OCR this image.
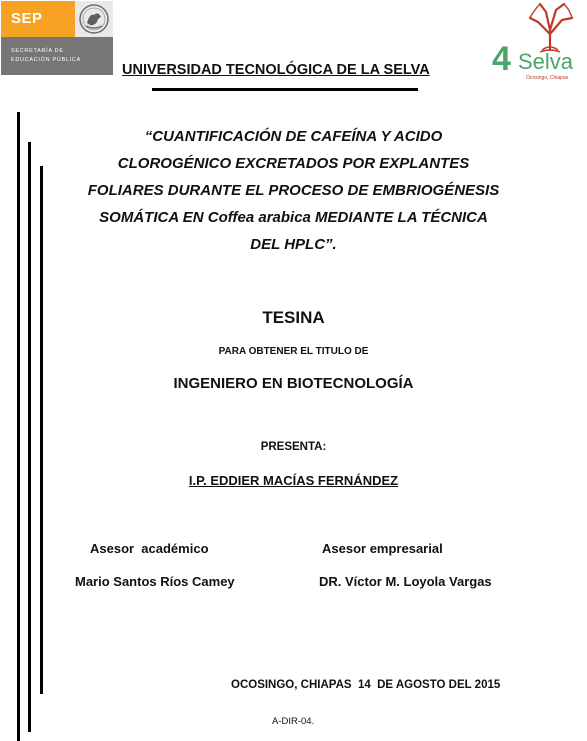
SEP
SECRETARÍA DE
EDUCACIÓN PÚBLICA
UNIVERSIDAD TECNOLÓGICA DE LA SELVA 4 Selva
Ocosingo, Chiapas
“CUANTIFICACIÓN DE CAFEÍNA Y ACIDO
CLOROGÉNICO EXCRETADOS POR EXPLANTES
FOLIARES DURANTE EL PROCESO DE EMBRIOGÉNESIS
SOMÁTICA EN Coffea arabica MEDIANTE LA TÉCNICA
DEL HPLC”.
TESINA
PARA OBTENER EL TITULO DE
INGENIERO EN BIOTECNOLOGÍA
PRESENTA:
I.P. EDDIER MACÍAS FERNÁNDEZ
Asesor  académico	Asesor empresarial
Mario Santos Ríos Camey	DR. Víctor M. Loyola Vargas
OCOSINGO, CHIAPAS  14  DE AGOSTO DEL 2015
A-DIR-04.
